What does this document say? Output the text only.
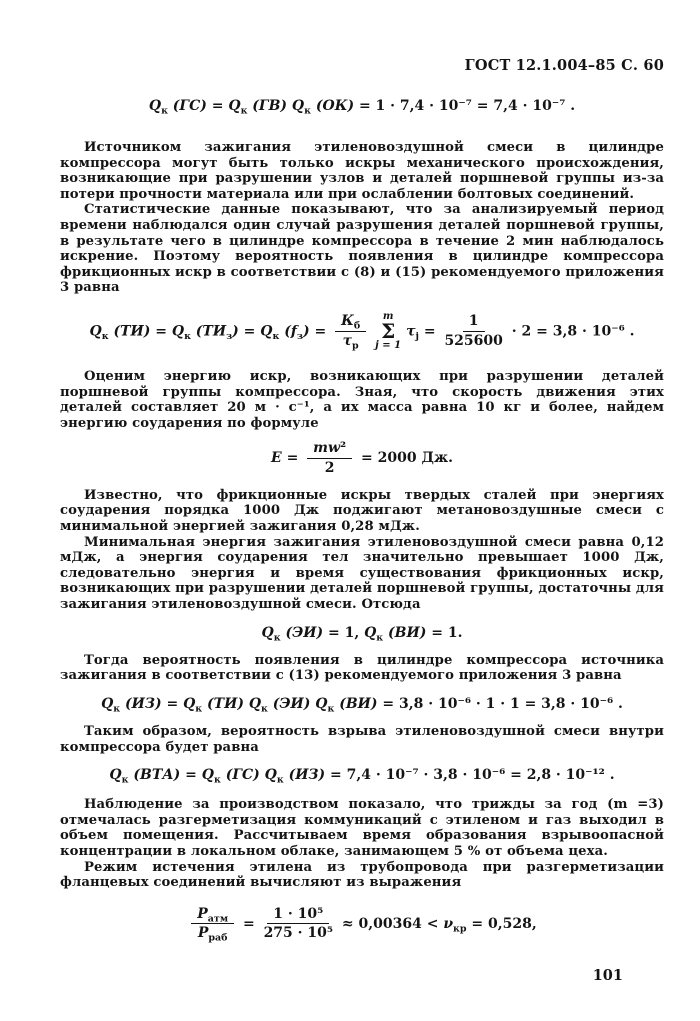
ГОСТ 12.1.004–85 С. 60
$Q_к$ $(ГС) = Q_к$ (ГВ) $Q_к$ (ОК) = 1 · 7,4 · 10⁻⁷ = 7,4 · 10⁻⁷ .

Источником зажигания этиленовоздушной смеси в цилиндре компрессора могут быть только искры механического происхождения, возникающие при разрушении узлов и деталей поршневой группы из-за потери прочности материала или при ослаблении болтовых соединений.

Статистические данные показывают, что за анализируемый период времени наблюдался один случай разрушения деталей поршневой группы, в результате чего в цилиндре компрессора в течение 2 мин наблюдалось искрение. Поэтому вероятность появления в цилиндре компрессора фрикционных искр в соответствии с (8) и (15) рекомендуемого приложения 3 равна

$Q_к$ $(ТИ) = Q_к$ $(ТИ_з) = Q_к$ $(f_з) = \frac{К_б}{\tau_р}$ m
Σ
j = 1
$\tau_j = \frac{1}{525600} \cdot 2 = 3,8 \cdot 10^{-6}$ .

Оценим энергию искр, возникающих при разрушении деталей поршневой группы компрессора. Зная, что скорость движения этих деталей составляет 20 м · с⁻¹, а их масса равна 10 кг и более, найдем энергию соударения по формуле

$E = \frac{\text{mw²}}{2} = 2000$ Дж.

Известно, что фрикционные искры твердых сталей при энергиях соударения порядка 1000 Дж поджигают метановоздушные смеси с минимальной энергией зажигания 0,28 мДж.

Минимальная энергия зажигания этиленовоздушной смеси равна 0,12 мДж, а энергия соударения тел значительно превышает 1000 Дж, следовательно энергия и время существования фрикционных искр, возникающих при разрушении деталей поршневой группы, достаточны для зажигания этиленовоздушной смеси. Отсюда

$Q_к$ (ЭИ) = 1, $Q_к$ (ВИ) = 1.

Тогда вероятность появления в цилиндре компрессора источника зажигания в соответствии с (13) рекомендуемого приложения 3 равна

$Q_к$ $(ИЗ) = Q_к$ (ТИ) $Q_к$ (ЭИ) $Q_к$ (ВИ) = 3,8 · 10⁻⁶ · 1 · 1 = 3,8 · 10⁻⁶ .

Таким образом, вероятность взрыва этиленовоздушной смеси внутри компрессора будет равна

$Q_к$ $(ВТА) = Q_к$ (ГС) $Q_к$ (ИЗ) = 7,4 · 10⁻⁷ · 3,8 · 10⁻⁶ = 2,8 · 10⁻¹² .

Наблюдение за производством показало, что трижды за год (m =3) отмечалась разгерметизация коммуникаций с этиленом и газ выходил в объем помещения. Рассчитываем время образования взрывоопасной концентрации в локальном облаке, занимающем 5 % от объема цеха.

Режим истечения этилена из трубопровода при разгерметизации фланцевых соединений вычисляют из выражения

$\frac{P_{атм}}{P_{раб}} = \frac{\text{1 · 10⁵}}{\text{275 · 10⁵}} \approx 0,00364 < \nu_{кр} = 0,528$,
101
